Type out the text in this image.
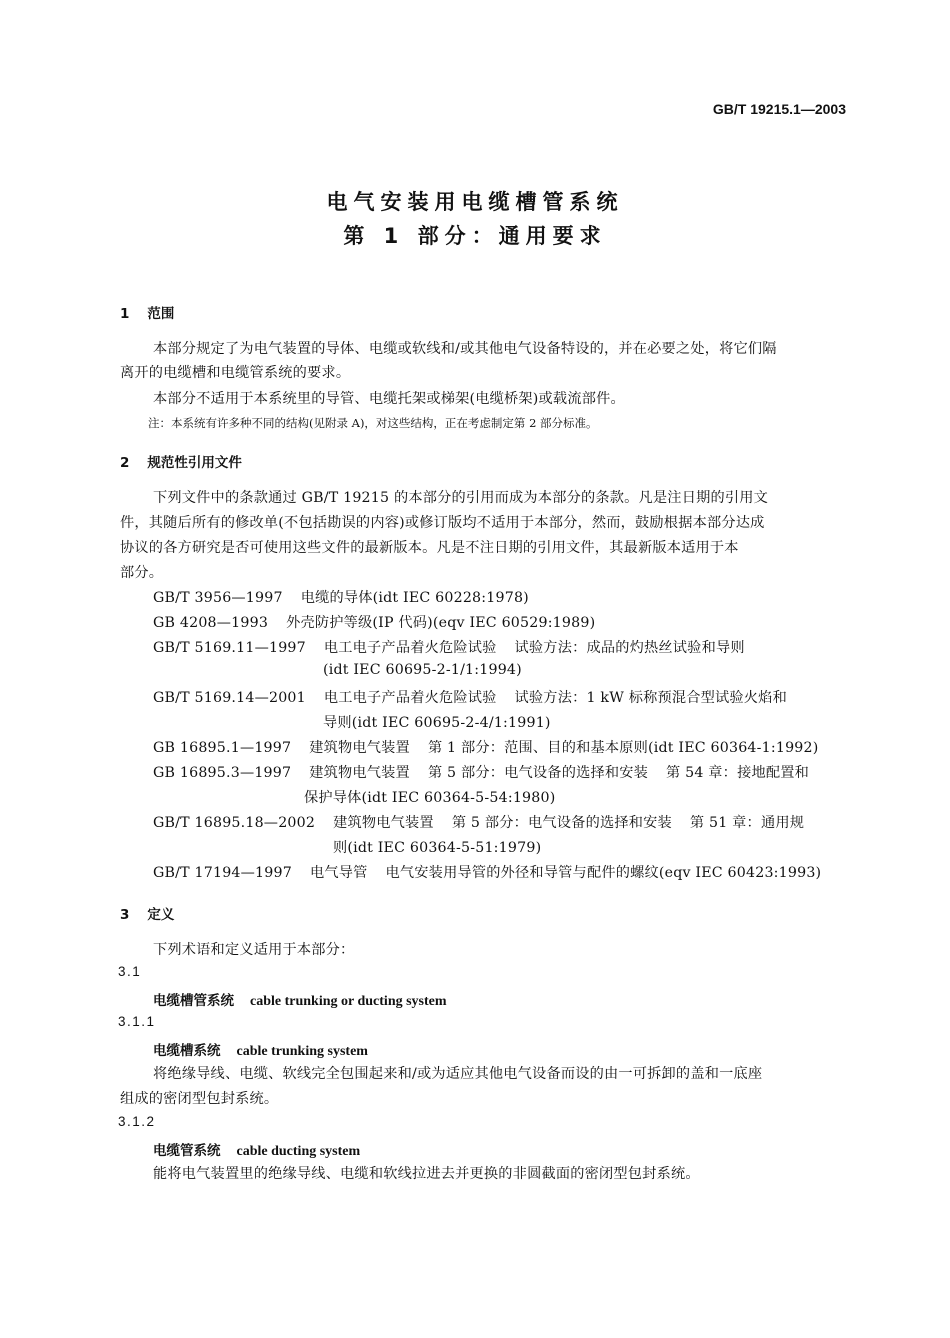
GB/T 19215.1—2003
电气安装用电缆槽管系统
第 1 部分：通用要求
1 范围
本部分规定了为电气装置的导体、电缆或软线和/或其他电气设备特设的，并在必要之处，将它们隔
离开的电缆槽和电缆管系统的要求。
本部分不适用于本系统里的导管、电缆托架或梯架(电缆桥架)或载流部件。
注：本系统有许多种不同的结构(见附录 A)，对这些结构，正在考虑制定第 2 部分标准。
2 规范性引用文件
下列文件中的条款通过 GB/T 19215 的本部分的引用而成为本部分的条款。凡是注日期的引用文
件，其随后所有的修改单(不包括勘误的内容)或修订版均不适用于本部分，然而，鼓励根据本部分达成
协议的各方研究是否可使用这些文件的最新版本。凡是不注日期的引用文件，其最新版本适用于本
部分。
GB/T 3956—1997 电缆的导体(idt IEC 60228:1978)
GB 4208—1993 外壳防护等级(IP 代码)(eqv IEC 60529:1989)
GB/T 5169.11—1997 电工电子产品着火危险试验 试验方法：成品的灼热丝试验和导则
(idt IEC 60695-2-1/1:1994)
GB/T 5169.14—2001 电工电子产品着火危险试验 试验方法：1 kW 标称预混合型试验火焰和
导则(idt IEC 60695-2-4/1:1991)
GB 16895.1—1997 建筑物电气装置 第 1 部分：范围、目的和基本原则(idt IEC 60364-1:1992)
GB 16895.3—1997 建筑物电气装置 第 5 部分：电气设备的选择和安装 第 54 章：接地配置和
保护导体(idt IEC 60364-5-54:1980)
GB/T 16895.18—2002 建筑物电气装置 第 5 部分：电气设备的选择和安装 第 51 章：通用规
则(idt IEC 60364-5-51:1979)
GB/T 17194—1997 电气导管 电气安装用导管的外径和导管与配件的螺纹(eqv IEC 60423:1993)
3 定义
下列术语和定义适用于本部分：
3.1
电缆槽管系统 cable trunking or ducting system
3.1.1
电缆槽系统 cable trunking system
将绝缘导线、电缆、软线完全包围起来和/或为适应其他电气设备而设的由一可拆卸的盖和一底座
组成的密闭型包封系统。
3.1.2
电缆管系统 cable ducting system
能将电气装置里的绝缘导线、电缆和软线拉进去并更换的非圆截面的密闭型包封系统。
